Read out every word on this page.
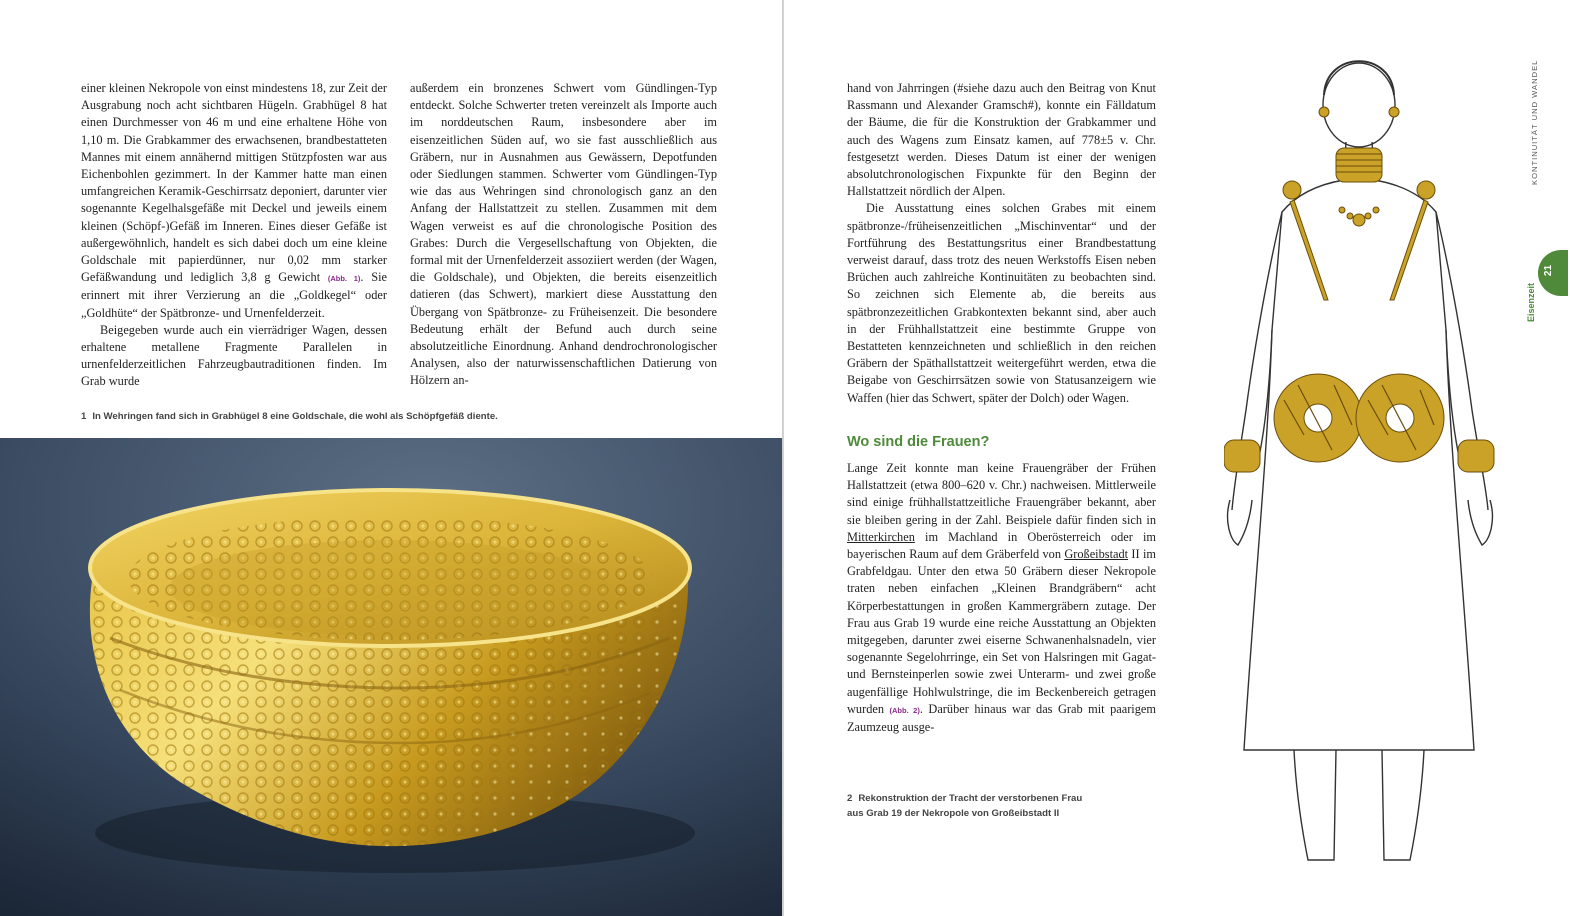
einer kleinen Nekropole von einst mindestens 18, zur Zeit der Ausgrabung noch acht sichtbaren Hügeln. Grabhügel 8 hat einen Durchmesser von 46 m und eine erhaltene Höhe von 1,10 m. Die Grabkammer des erwachsenen, brandbestatteten Mannes mit einem annähernd mittigen Stützpfosten war aus Eichenbohlen gezimmert. In der Kammer hatte man einen umfangreichen Keramik-Geschirrsatz deponiert, darunter vier sogenannte Kegelhalsgefäße mit Deckel und jeweils einem kleinen (Schöpf-)Gefäß im Inneren. Eines dieser Gefäße ist außergewöhnlich, handelt es sich dabei doch um eine kleine Goldschale mit papierdünner, nur 0,02 mm starker Gefäßwandung und lediglich 3,8 g Gewicht (Abb. 1). Sie erinnert mit ihrer Verzierung an die „Goldkegel“ oder „Goldhüte“ der Spätbronze- und Urnenfelderzeit.

Beigegeben wurde auch ein vierrädriger Wagen, dessen erhaltene metallene Fragmente Parallelen in urnenfelderzeitlichen Fahrzeugbautraditionen finden. Im Grab wurde

außerdem ein bronzenes Schwert vom Gündlingen-Typ entdeckt. Solche Schwerter treten vereinzelt als Importe auch im norddeutschen Raum, insbesondere aber im eisenzeitlichen Süden auf, wo sie fast ausschließlich aus Gräbern, nur in Ausnahmen aus Gewässern, Depotfunden oder Siedlungen stammen. Schwerter vom Gündlingen-Typ wie das aus Wehringen sind chronologisch ganz an den Anfang der Hallstattzeit zu stellen. Zusammen mit dem Wagen verweist es auf die chronologische Position des Grabes: Durch die Vergesellschaftung von Objekten, die formal mit der Urnenfelderzeit assoziiert werden (der Wagen, die Goldschale), und Objekten, die bereits eisenzeitlich datieren (das Schwert), markiert diese Ausstattung den Übergang von Spätbronze- zu Früheisenzeit. Die besondere Bedeutung erhält der Befund auch durch seine absolutzeitliche Einordnung. Anhand dendrochronologischer Analysen, also der naturwissenschaftlichen Datierung von Hölzern an-

1 In Wehringen fand sich in Grabhügel 8 eine Goldschale, die wohl als Schöpfgefäß diente.

hand von Jahrringen (#siehe dazu auch den Beitrag von Knut Rassmann und Alexander Gramsch#), konnte ein Fälldatum der Bäume, die für die Konstruktion der Grabkammer und auch des Wagens zum Einsatz kamen, auf 778±5 v. Chr. festgesetzt werden. Dieses Datum ist einer der wenigen absolutchronologischen Fixpunkte für den Beginn der Hallstattzeit nördlich der Alpen.

Die Ausstattung eines solchen Grabes mit einem spätbronze-/früheisenzeitlichen „Mischinventar“ und der Fortführung des Bestattungsritus einer Brandbestattung verweist darauf, dass trotz des neuen Werkstoffs Eisen neben Brüchen auch zahlreiche Kontinuitäten zu beobachten sind. So zeichnen sich Elemente ab, die bereits aus spätbronzezeitlichen Grabkontexten bekannt sind, aber auch in der Frühhallstattzeit eine bestimmte Gruppe von Bestatteten kennzeichneten und schließlich in den reichen Gräbern der Späthallstattzeit weitergeführt werden, etwa die Beigabe von Geschirrsätzen sowie von Statusanzeigern wie Waffen (hier das Schwert, später der Dolch) oder Wagen.

Wo sind die Frauen?

Lange Zeit konnte man keine Frauengräber der Frühen Hallstattzeit (etwa 800–620 v. Chr.) nachweisen. Mittlerweile sind einige frühhallstattzeitliche Frauengräber bekannt, aber sie bleiben gering in der Zahl. Beispiele dafür finden sich in Mitterkirchen im Machland in Oberösterreich oder im bayerischen Raum auf dem Gräberfeld von Großeibstadt II im Grabfeldgau. Unter den etwa 50 Gräbern dieser Nekropole traten neben einfachen „Kleinen Brandgräbern“ acht Körperbestattungen in großen Kammergräbern zutage. Der Frau aus Grab 19 wurde eine reiche Ausstattung an Objekten mitgegeben, darunter zwei eiserne Schwanenhalsnadeln, vier sogenannte Segelohrringe, ein Set von Halsringen mit Gagat- und Bernsteinperlen sowie zwei Unterarm- und zwei große augenfällige Hohlwulstringe, die im Beckenbereich getragen wurden (Abb. 2). Darüber hinaus war das Grab mit paarigem Zaumzeug ausge-

2 Rekonstruktion der Tracht der verstorbenen Frau
aus Grab 19 der Nekropole von Großeibstadt II
KONTINUITÄT UND WANDEL
21
Eisenzeit
